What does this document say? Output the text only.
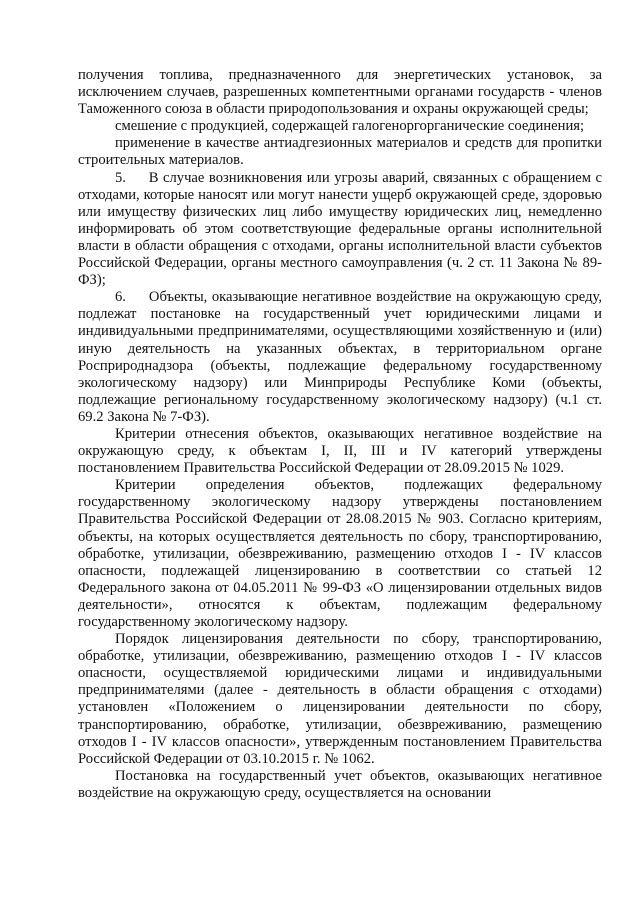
получения топлива, предназначенного для энергетических установок, за исключением случаев, разрешенных компетентными органами государств - членов Таможенного союза в области природопользования и охраны окружающей среды;

смешение с продукцией, содержащей галогеноргорганические соединения;

применение в качестве антиадгезионных материалов и средств для пропитки строительных материалов.

5.     В случае возникновения или угрозы аварий, связанных с обращением с отходами, которые наносят или могут нанести ущерб окружающей среде, здоровью или имуществу физических лиц либо имуществу юридических лиц, немедленно информировать об этом соответствующие федеральные органы исполнительной власти в области обращения с отходами, органы исполнительной власти субъектов Российской Федерации, органы местного самоуправления (ч. 2 ст. 11 Закона № 89-ФЗ);

6.     Объекты, оказывающие негативное воздействие на окружающую среду, подлежат постановке на государственный учет юридическими лицами и индивидуальными предпринимателями, осуществляющими хозяйственную и (или) иную деятельность на указанных объектах, в территориальном органе Росприроднадзора (объекты, подлежащие федеральному государственному экологическому надзору) или Минприроды Республике Коми (объекты, подлежащие региональному государственному экологическому надзору) (ч.1 ст. 69.2 Закона № 7-ФЗ).

Критерии отнесения объектов, оказывающих негативное воздействие на окружающую среду, к объектам I, II, III и IV категорий утверждены постановлением Правительства Российской Федерации от 28.09.2015 № 1029.

Критерии определения объектов, подлежащих федеральному государственному экологическому надзору утверждены постановлением Правительства Российской Федерации от 28.08.2015 № 903. Согласно критериям, объекты, на которых осуществляется деятельность по сбору, транспортированию, обработке, утилизации, обезвреживанию, размещению отходов I - IV классов опасности, подлежащей лицензированию в соответствии со статьей 12 Федерального закона от 04.05.2011 № 99-ФЗ «О лицензировании отдельных видов деятельности», относятся к объектам, подлежащим федеральному государственному экологическому надзору.

Порядок лицензирования деятельности по сбору, транспортированию, обработке, утилизации, обезвреживанию, размещению отходов I - IV классов опасности, осуществляемой юридическими лицами и индивидуальными предпринимателями (далее - деятельность в области обращения с отходами) установлен «Положением о лицензировании деятельности по сбору, транспортированию, обработке, утилизации, обезвреживанию, размещению отходов I - IV классов опасности», утвержденным постановлением Правительства Российской Федерации от 03.10.2015 г. № 1062.

Постановка на государственный учет объектов, оказывающих негативное воздействие на окружающую среду, осуществляется на основании
